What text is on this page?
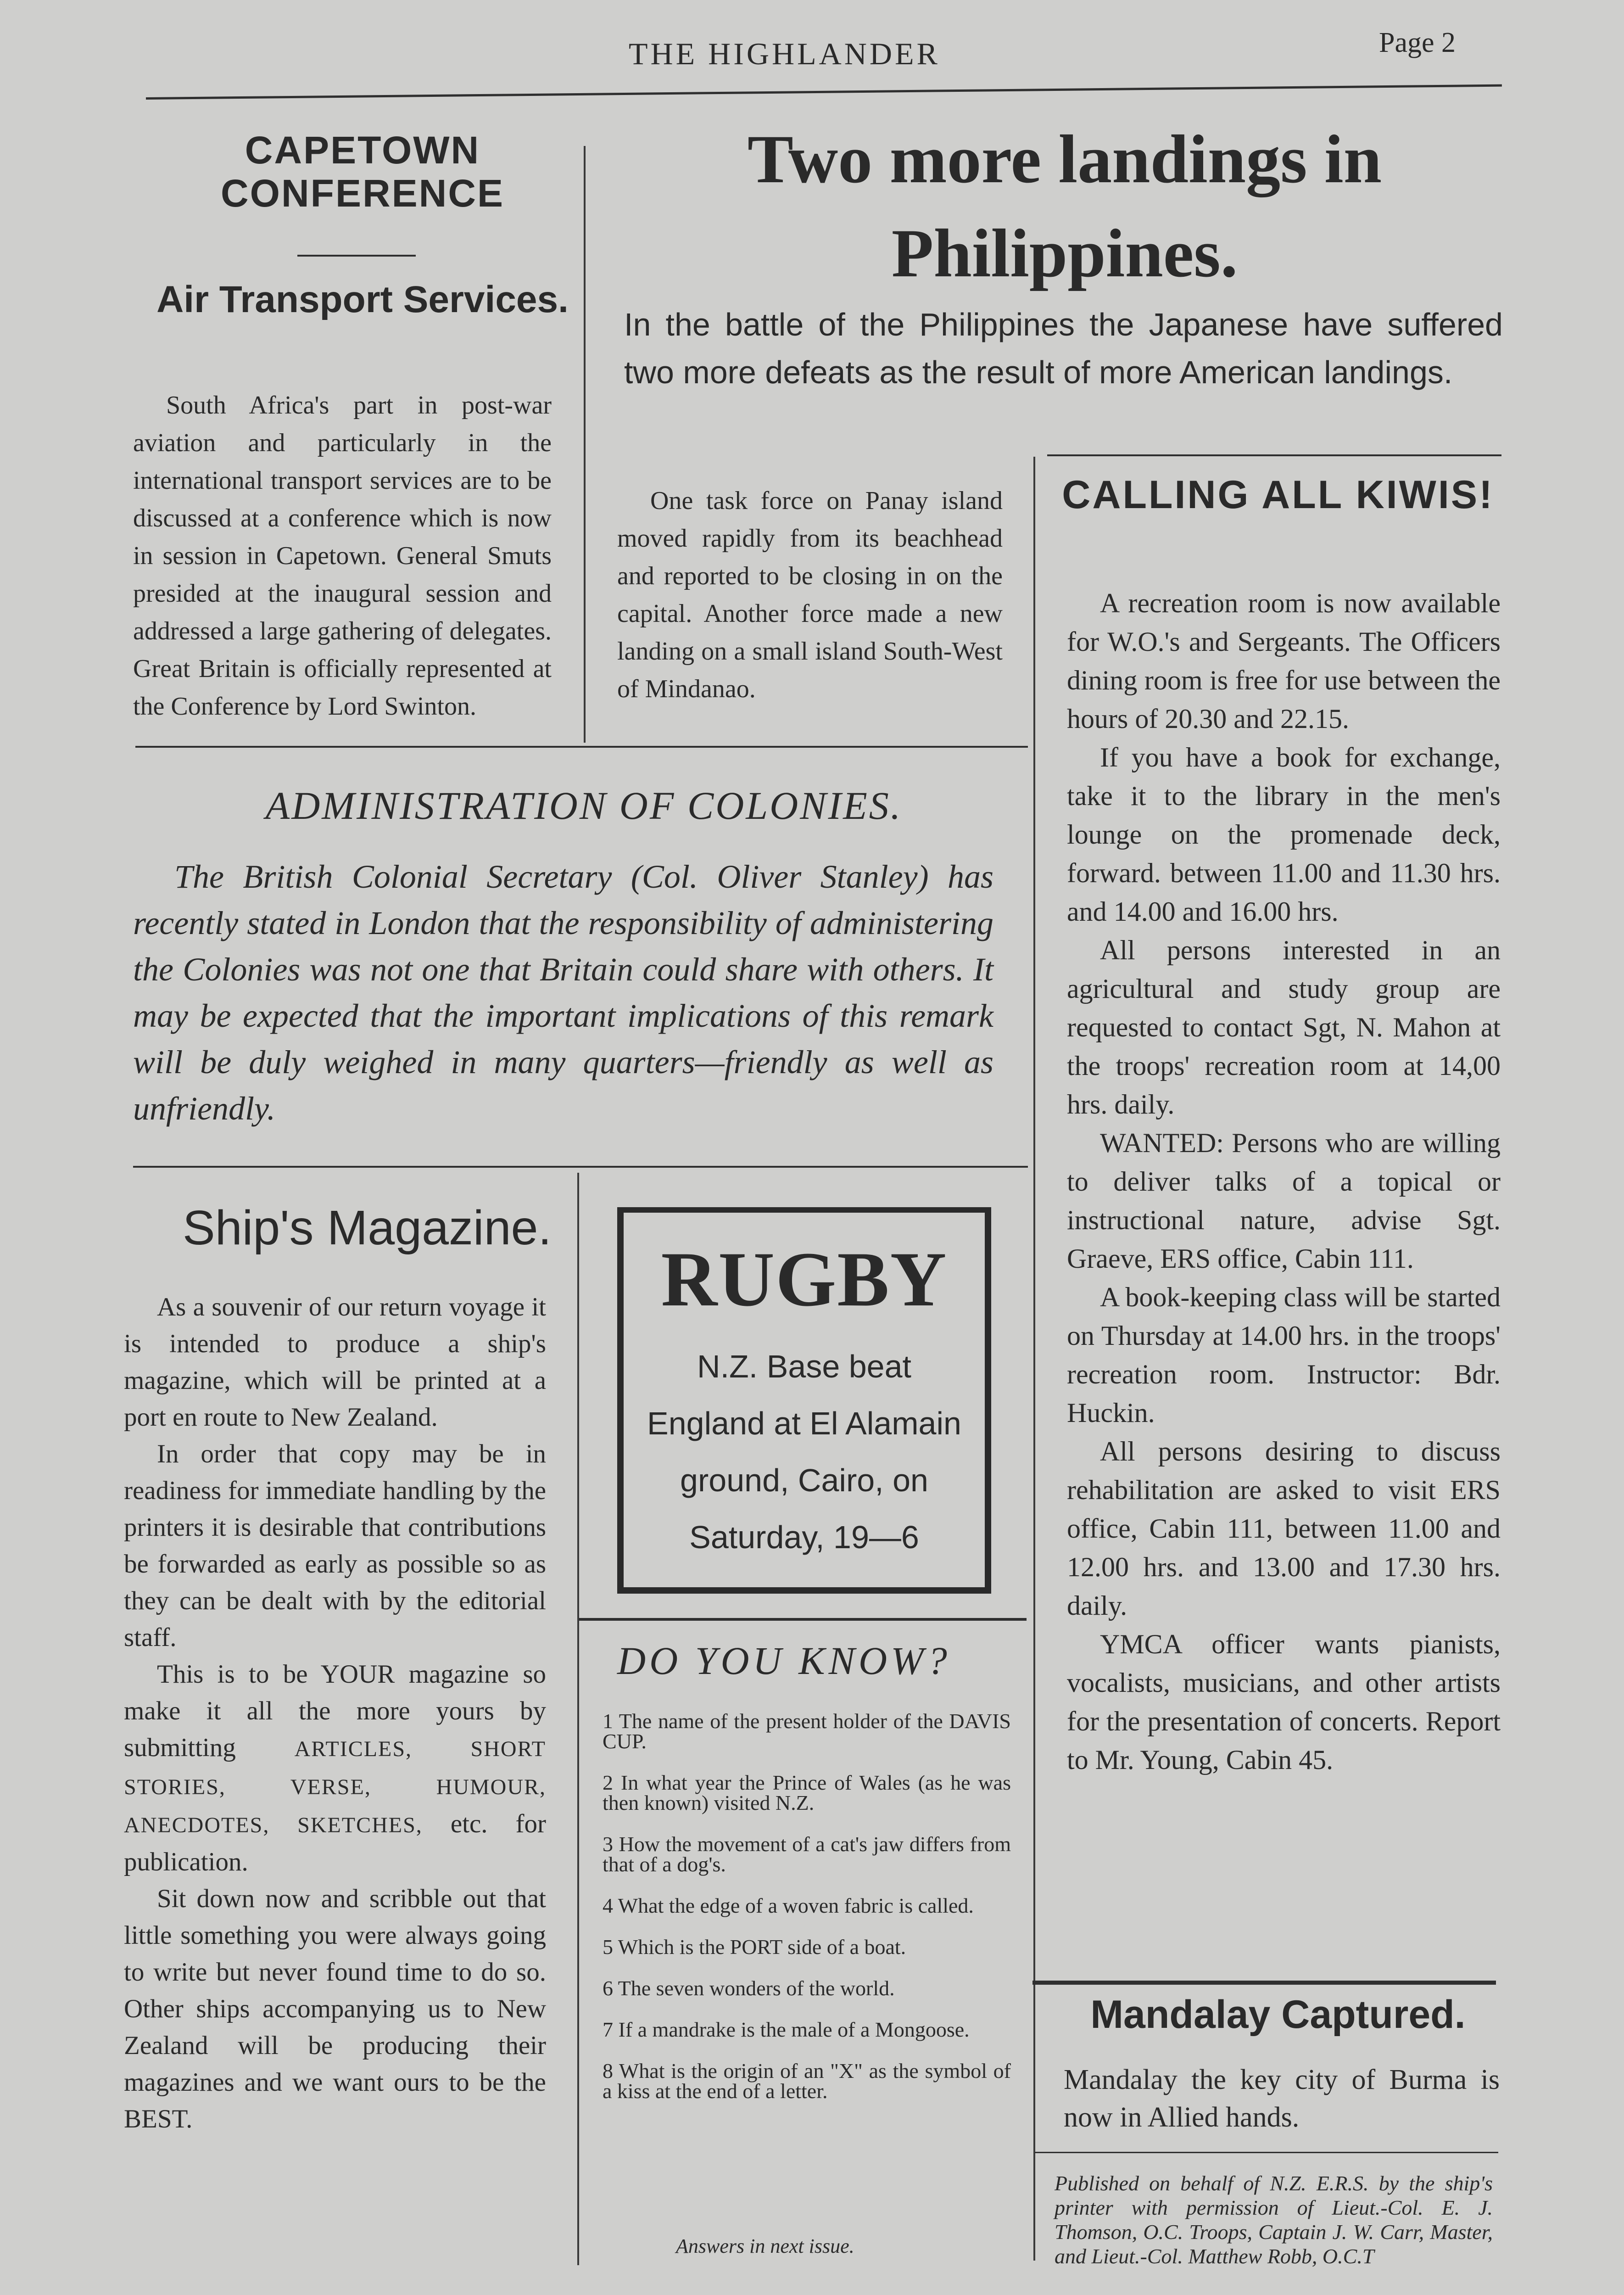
THE HIGHLANDER	Page 2
CAPETOWN CONFERENCE
Air Transport Services.

South Africa's part in post-war aviation and particularly in the international transport services are to be discussed at a conference which is now in session in Capetown. General Smuts presided at the inaugural session and addressed a large gathering of delegates. Great Britain is officially represented at the Conference by Lord Swinton.

Two more landings in Philippines.

In the battle of the Philippines the Japanese have suffered two more defeats as the result of more American landings.

One task force on Panay island moved rapidly from its beachhead and reported to be closing in on the capital. Another force made a new landing on a small island South-West of Mindanao.

CALLING ALL KIWIS!

A recreation room is now available for W.O.'s and Sergeants. The Officers dining room is free for use between the hours of 20.30 and 22.15.

If you have a book for exchange, take it to the library in the men's lounge on the promenade deck, forward. between 11.00 and 11.30 hrs. and 14.00 and 16.00 hrs.

All persons interested in an agricultural and study group are requested to contact Sgt, N. Mahon at the troops' recreation room at 14,00 hrs. daily.

WANTED: Persons who are willing to deliver talks of a topical or instructional nature, advise Sgt. Graeve, ERS office, Cabin 111.

A book-keeping class will be started on Thursday at 14.00 hrs. in the troops' recreation room. Instructor: Bdr. Huckin.

All persons desiring to discuss rehabilitation are asked to visit ERS office, Cabin 111, between 11.00 and 12.00 hrs. and 13.00 and 17.30 hrs. daily.

YMCA officer wants pianists, vocalists, musicians, and other artists for the presentation of concerts. Report to Mr. Young, Cabin 45.

ADMINISTRATION OF COLONIES.

The British Colonial Secretary (Col. Oliver Stanley) has recently stated in London that the responsibility of administering the Colonies was not one that Britain could share with others. It may be expected that the important implications of this remark will be duly weighed in many quarters—friendly as well as unfriendly.

Ship's Magazine.

As a souvenir of our return voyage it is intended to produce a ship's magazine, which will be printed at a port en route to New Zealand.

In order that copy may be in readiness for immediate handling by the printers it is desirable that contributions be forwarded as early as possible so as they can be dealt with by the editorial staff.

This is to be YOUR magazine so make it all the more yours by submitting	ARTICLES, SHORT STORIES, VERSE, HUMOUR, ANECDOTES, SKETCHES, etc. for publication.

Sit down now and scribble out that little something you were always going to write but never found time to do so. Other ships accompanying us to New Zealand will be producing their magazines and we want ours to be the BEST.

RUGBY
N.Z. Base beat
England at El Alamain
ground, Cairo, on
Saturday, 19—6
DO YOU KNOW?
1 The name of the present holder of the DAVIS CUP.
2 In what year the Prince of Wales (as he was then known) visited N.Z.
3 How the movement of a cat's jaw differs from that of a dog's.
4 What the edge of a woven fabric is called.
5 Which is the PORT side of a boat.
6 The seven wonders of the world.
7 If a mandrake is the male of a Mongoose.
8 What is the origin of an "X" as the symbol of a kiss at the end of a letter.
Answers in next issue.
Mandalay Captured.

Mandalay the key city of Burma is now in Allied hands.

Published on behalf of N.Z. E.R.S. by the ship's printer with permission of Lieut.-Col. E. J. Thomson, O.C. Troops, Captain J. W. Carr, Master, and Lieut.-Col. Matthew Robb, O.C.T
